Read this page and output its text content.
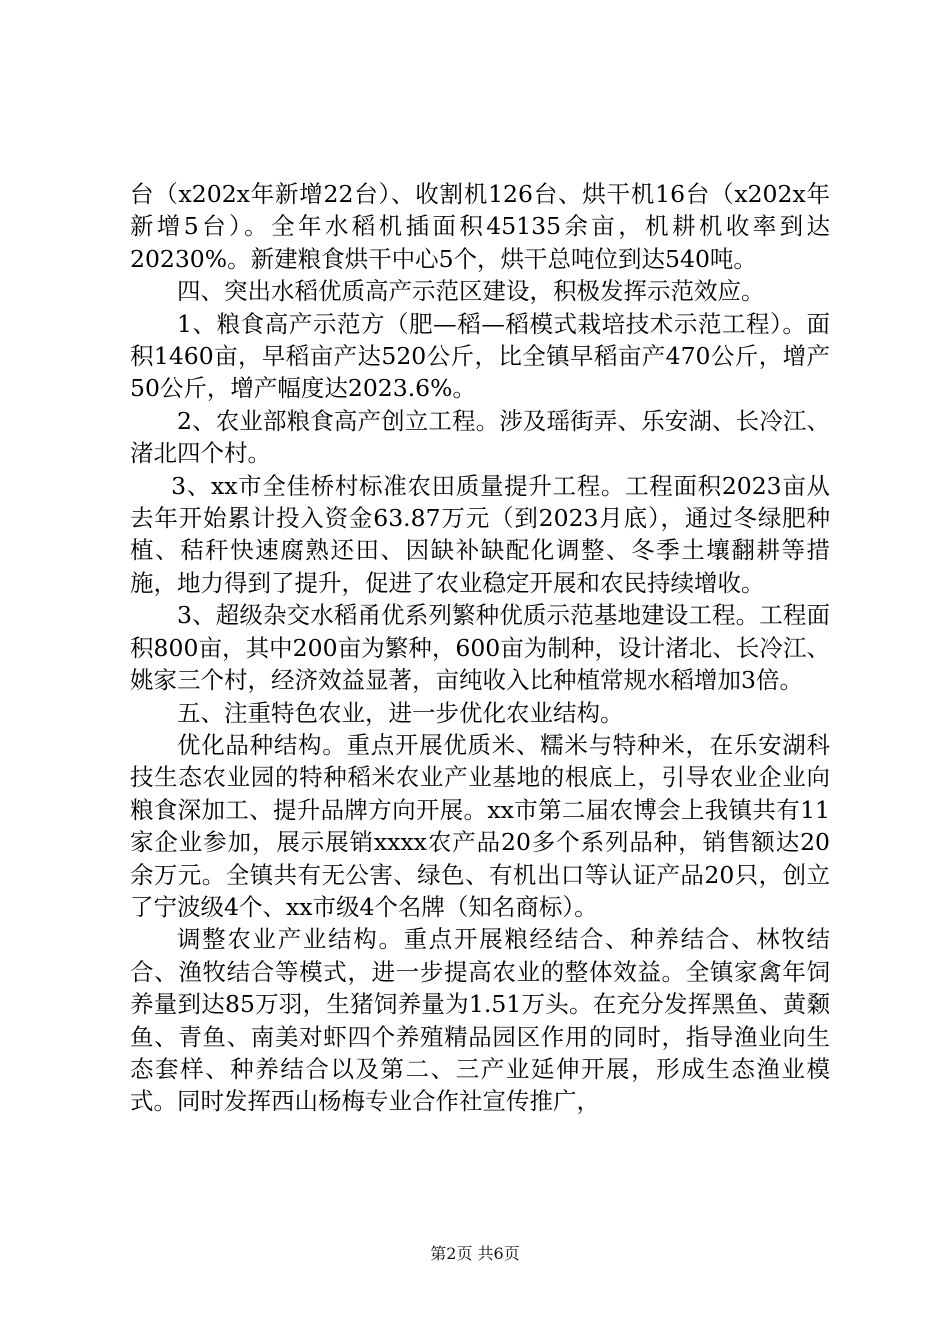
台（x202x年新增22台）、收割机126台、烘干机16台（x202x年新增5台）。全年水稻机插面积45135余亩，机耕机收率到达20230%。新建粮食烘干中心5个，烘干总吨位到达540吨。

四、突出水稻优质高产示范区建设，积极发挥示范效应。

1、粮食高产示范方（肥—稻—稻模式栽培技术示范工程）。面积1460亩，早稻亩产达520公斤，比全镇早稻亩产470公斤，增产50公斤，增产幅度达2023.6%。

2、农业部粮食高产创立工程。涉及瑶街弄、乐安湖、长冷江、渚北四个村。

3、xx市全佳桥村标准农田质量提升工程。工程面积2023亩从去年开始累计投入资金63.87万元（到2023月底），通过冬绿肥种植、秸秆快速腐熟还田、因缺补缺配化调整、冬季土壤翻耕等措施，地力得到了提升，促进了农业稳定开展和农民持续增收。

3、超级杂交水稻甬优系列繁种优质示范基地建设工程。工程面积800亩，其中200亩为繁种，600亩为制种，设计渚北、长冷江、姚家三个村，经济效益显著，亩纯收入比种植常规水稻增加3倍。

五、注重特色农业，进一步优化农业结构。

优化品种结构。重点开展优质米、糯米与特种米，在乐安湖科技生态农业园的特种稻米农业产业基地的根底上，引导农业企业向粮食深加工、提升品牌方向开展。xx市第二届农博会上我镇共有11家企业参加，展示展销xxxx农产品20多个系列品种，销售额达20余万元。全镇共有无公害、绿色、有机出口等认证产品20只，创立了宁波级4个、xx市级4个名牌（知名商标）。

调整农业产业结构。重点开展粮经结合、种养结合、林牧结合、渔牧结合等模式，进一步提高农业的整体效益。全镇家禽年饲养量到达85万羽，生猪饲养量为1.51万头。在充分发挥黑鱼、黄颡鱼、青鱼、南美对虾四个养殖精品园区作用的同时，指导渔业向生态套样、种养结合以及第二、三产业延伸开展，形成生态渔业模式。同时发挥西山杨梅专业合作社宣传推广，

第2页 共6页
